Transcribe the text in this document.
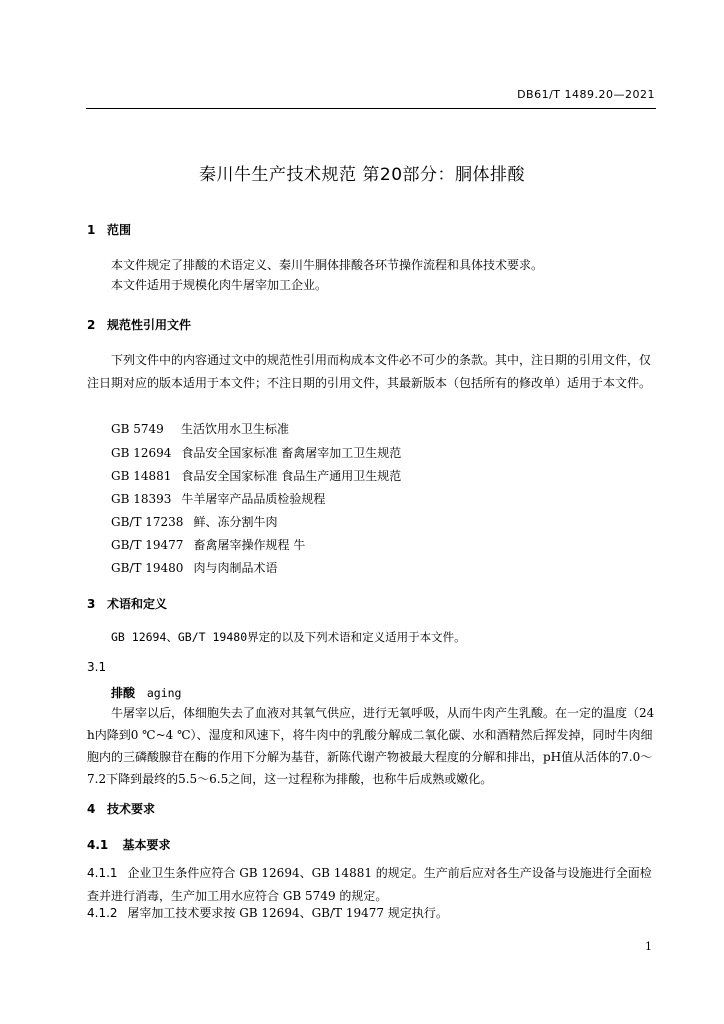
DB61/T 1489.20—2021
秦川牛生产技术规范 第20部分：胴体排酸
1 范围
本文件规定了排酸的术语定义、秦川牛胴体排酸各环节操作流程和具体技术要求。
本文件适用于规模化肉牛屠宰加工企业。
2 规范性引用文件
下列文件中的内容通过文中的规范性引用而构成本文件必不可少的条款。其中，注日期的引用文件，仅注日期对应的版本适用于本文件；不注日期的引用文件，其最新版本（包括所有的修改单）适用于本文件。
GB 5749 生活饮用水卫生标准
GB 12694 食品安全国家标准 畜禽屠宰加工卫生规范
GB 14881 食品安全国家标准 食品生产通用卫生规范
GB 18393 牛羊屠宰产品品质检验规程
GB/T 17238 鲜、冻分割牛肉
GB/T 19477 畜禽屠宰操作规程 牛
GB/T 19480 肉与肉制品术语
3 术语和定义
GB 12694、GB/T 19480界定的以及下列术语和定义适用于本文件。
3.1
排酸 aging
牛屠宰以后，体细胞失去了血液对其氧气供应，进行无氧呼吸，从而牛肉产生乳酸。在一定的温度（24 h内降到0 ℃~4 ℃）、湿度和风速下，将牛肉中的乳酸分解成二氧化碳、水和酒精然后挥发掉，同时牛肉细胞内的三磷酸腺苷在酶的作用下分解为基苷，新陈代谢产物被最大程度的分解和排出，pH值从活体的7.0～7.2下降到最终的5.5～6.5之间，这一过程称为排酸，也称牛后成熟或嫩化。
4 技术要求
4.1 基本要求
4.1.1 企业卫生条件应符合 GB 12694、GB 14881 的规定。生产前后应对各生产设备与设施进行全面检查并进行消毒，生产加工用水应符合 GB 5749 的规定。
4.1.2 屠宰加工技术要求按 GB 12694、GB/T 19477 规定执行。
1
